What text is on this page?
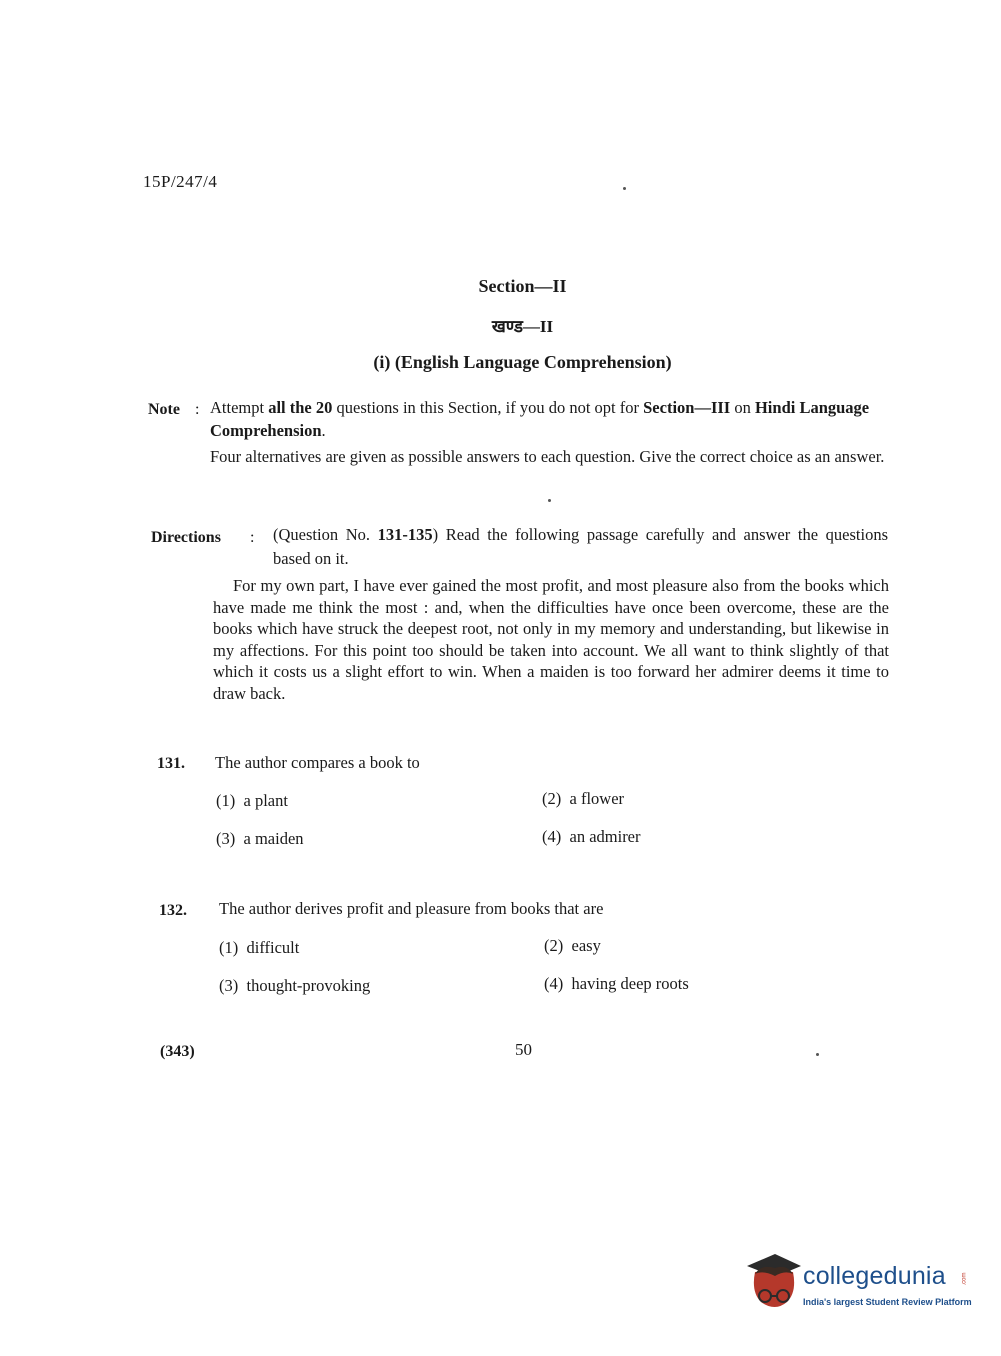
15P/247/4
Section—II
खण्ड—II
(i) (English Language Comprehension)
Note : Attempt all the 20 questions in this Section, if you do not opt for Section—III on Hindi Language Comprehension.
Four alternatives are given as possible answers to each question. Give the correct choice as an answer.
Directions : (Question No. 131-135) Read the following passage carefully and answer the questions based on it.
For my own part, I have ever gained the most profit, and most pleasure also from the books which have made me think the most : and, when the difficulties have once been overcome, these are the books which have struck the deepest root, not only in my memory and understanding, but likewise in my affections. For this point too should be taken into account. We all want to think slightly of that which it costs us a slight effort to win. When a maiden is too forward her admirer deems it time to draw back.
131. The author compares a book to
(1) a plant	(2) a flower
(3) a maiden	(4) an admirer
132. The author derives profit and pleasure from books that are
(1) difficult	(2) easy
(3) thought-provoking	(4) having deep roots
(343)	50
collegedunia	.com
India's largest Student Review Platform
